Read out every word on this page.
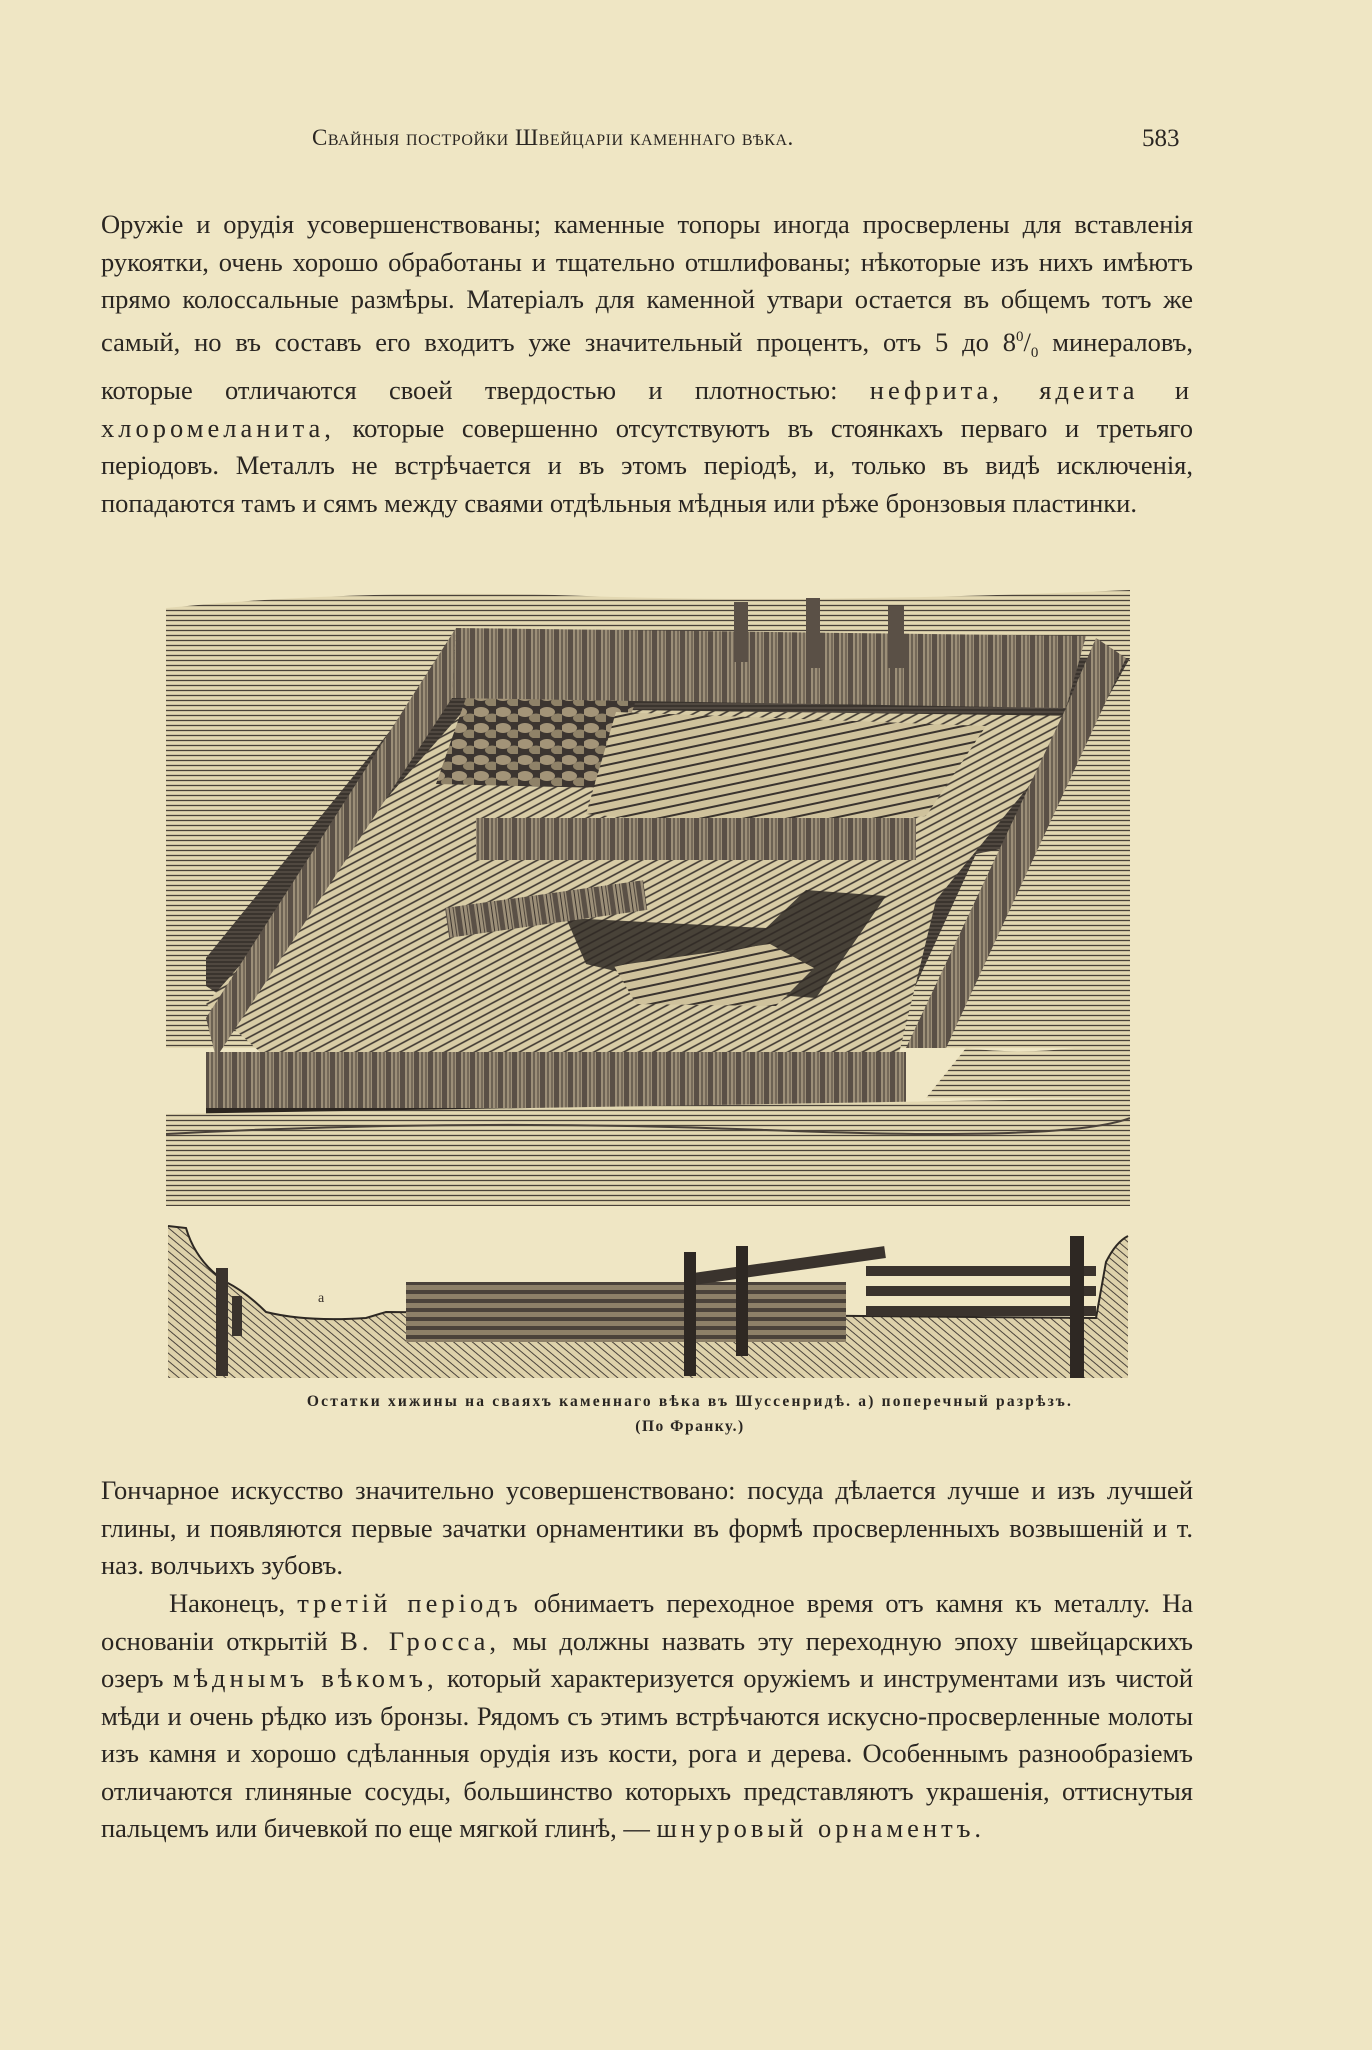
Свайныя постройки Швейцаріи каменнаго вѣка.	583

Оружіе и орудія усовершенствованы; каменные топоры иногда просверлены для вставленія рукоятки, очень хорошо обработаны и тщательно отшлифованы; нѣкоторые изъ нихъ имѣютъ прямо колоссальные размѣры. Матеріалъ для каменной утвари остается въ общемъ тотъ же самый, но въ составъ его входитъ уже значительный процентъ, отъ 5 до $8^0/_0$ минераловъ, которые отличаются своей твердостью и плотностью: нефрита, ядеита и хлоромеланита, которые совершенно отсутствуютъ въ стоянкахъ перваго и третьяго періодовъ. Металлъ не встрѣчается и въ этомъ періодѣ, и, только въ видѣ исключенія, попадаются тамъ и сямъ между сваями отдѣльныя мѣдныя или рѣже бронзовыя пластинки.

a
Остатки хижины на сваяхъ каменнаго вѣка въ Шуссенридѣ. а) поперечный разрѣзъ.
(По Франку.)

Гончарное искусство значительно усовершенствовано: посуда дѣлается лучше и изъ лучшей глины, и появляются первые зачатки орнаментики въ формѣ просверленныхъ возвышеній и т. наз. волчьихъ зубовъ.

Наконецъ, третій періодъ обнимаетъ переходное время отъ камня къ металлу. На основаніи открытій В. Гросса, мы должны назвать эту переходную эпоху швейцарскихъ озеръ мѣднымъ вѣкомъ, который характеризуется оружіемъ и инструментами изъ чистой мѣди и очень рѣдко изъ бронзы. Рядомъ съ этимъ встрѣчаются искусно-просверленные молоты изъ камня и хорошо сдѣланныя орудія изъ кости, рога и дерева. Особеннымъ разнообразіемъ отличаются глиняные сосуды, большинство которыхъ представляютъ украшенія, оттиснутыя пальцемъ или бичевкой по еще мягкой глинѣ, — шнуровый орнаментъ.
